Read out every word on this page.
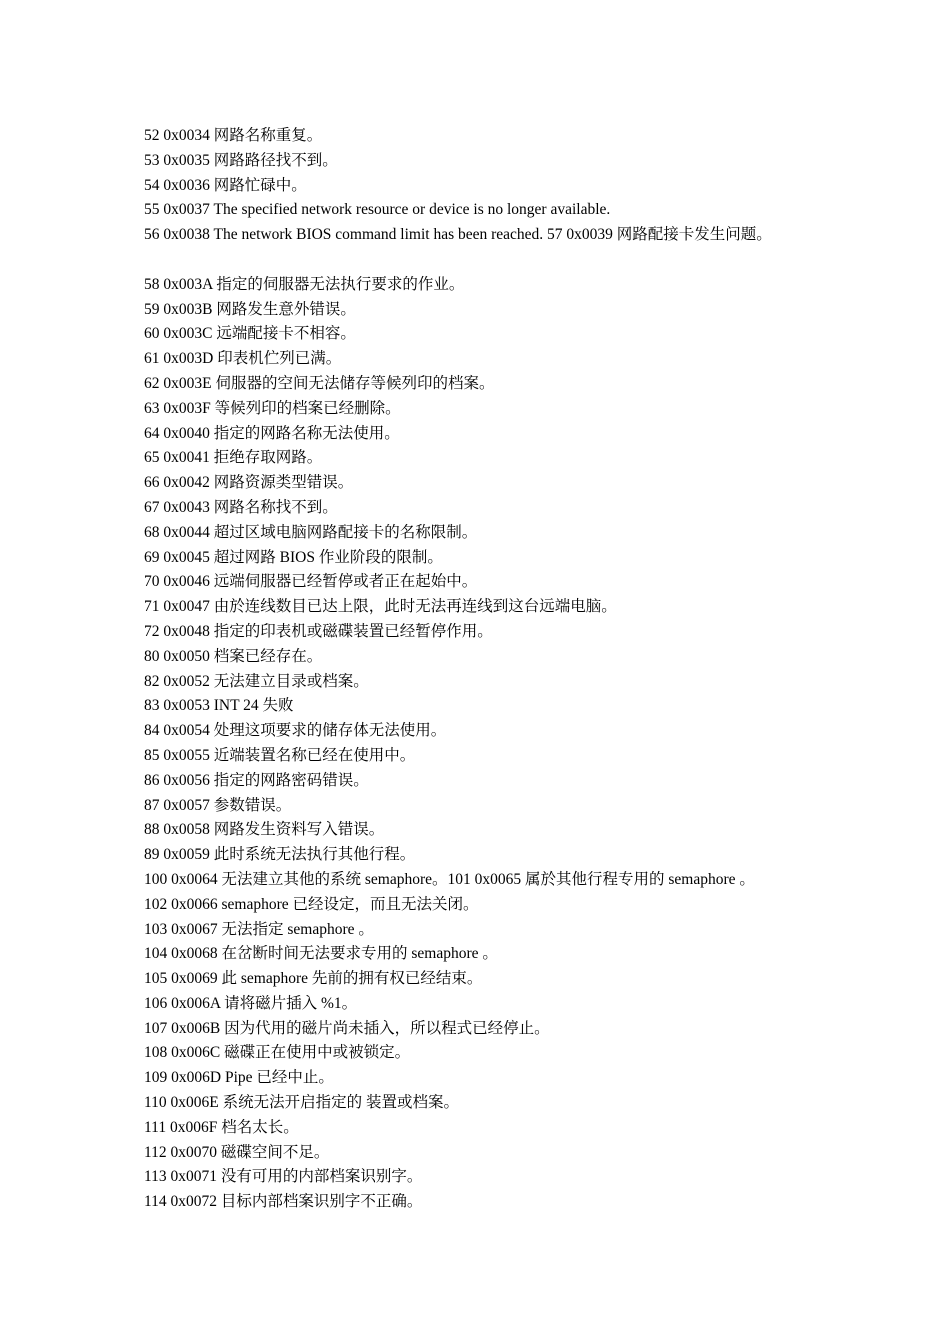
52 0x0034 网路名称重复。
53 0x0035 网路路径找不到。
54 0x0036 网路忙碌中。
55 0x0037 The specified network resource or device is no longer available.
56 0x0038 The network BIOS command limit has been reached. 57 0x0039 网路配接卡发生问题。
58 0x003A 指定的伺服器无法执行要求的作业。
59 0x003B 网路发生意外错误。
60 0x003C 远端配接卡不相容。
61 0x003D 印表机伫列已满。
62 0x003E 伺服器的空间无法储存等候列印的档案。
63 0x003F 等候列印的档案已经删除。
64 0x0040 指定的网路名称无法使用。
65 0x0041 拒绝存取网路。
66 0x0042 网路资源类型错误。
67 0x0043 网路名称找不到。
68 0x0044 超过区域电脑网路配接卡的名称限制。
69 0x0045 超过网路 BIOS 作业阶段的限制。
70 0x0046 远端伺服器已经暂停或者正在起始中。
71 0x0047 由於连线数目已达上限，此时无法再连线到这台远端电脑。
72 0x0048 指定的印表机或磁碟装置已经暂停作用。
80 0x0050 档案已经存在。
82 0x0052 无法建立目录或档案。
83 0x0053 INT 24 失败
84 0x0054 处理这项要求的储存体无法使用。
85 0x0055 近端装置名称已经在使用中。
86 0x0056 指定的网路密码错误。
87 0x0057 参数错误。
88 0x0058 网路发生资料写入错误。
89 0x0059 此时系统无法执行其他行程。
100 0x0064 无法建立其他的系统 semaphore。101 0x0065 属於其他行程专用的 semaphore 。
102 0x0066 semaphore 已经设定，而且无法关闭。
103 0x0067 无法指定 semaphore 。
104 0x0068 在岔断时间无法要求专用的 semaphore 。
105 0x0069 此 semaphore 先前的拥有权已经结束。
106 0x006A 请将磁片插入 %1。
107 0x006B 因为代用的磁片尚未插入，所以程式已经停止。
108 0x006C 磁碟正在使用中或被锁定。
109 0x006D Pipe 已经中止。
110 0x006E 系统无法开启指定的 装置或档案。
111 0x006F 档名太长。
112 0x0070 磁碟空间不足。
113 0x0071 没有可用的内部档案识别字。
114 0x0072 目标内部档案识别字不正确。
